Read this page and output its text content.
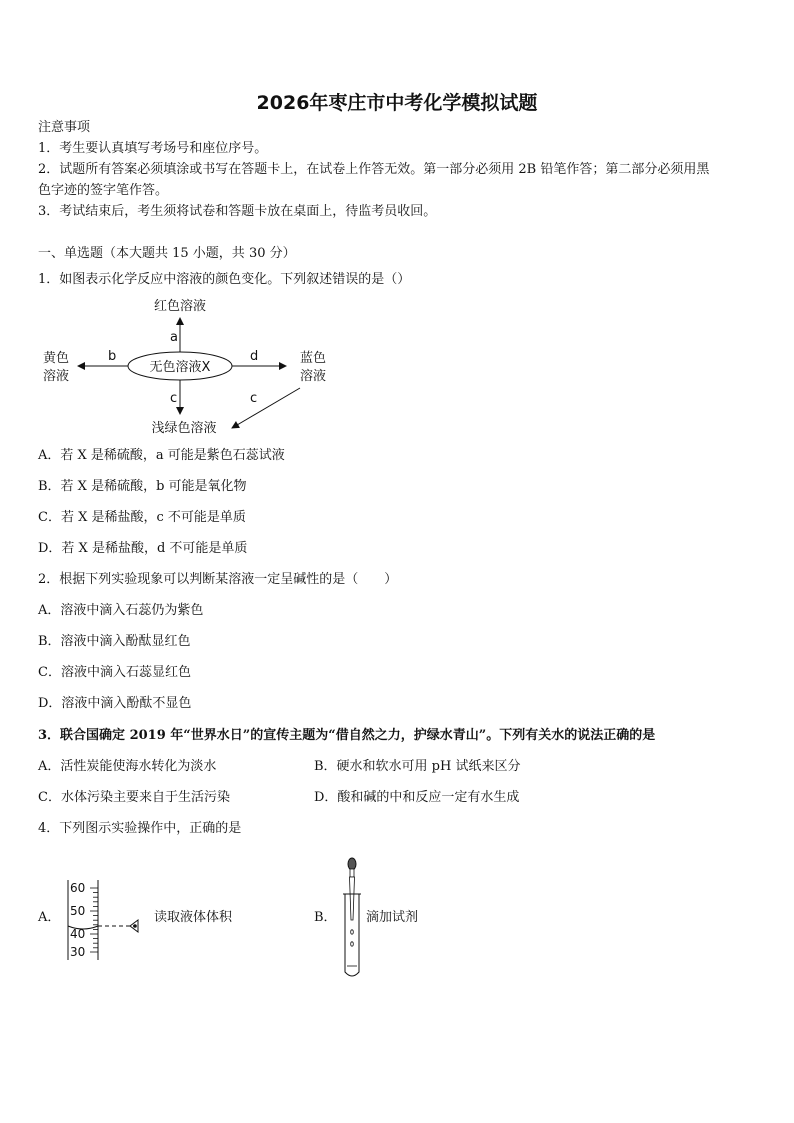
2026年枣庄市中考化学模拟试题
注意事项
1．考生要认真填写考场号和座位序号。
2．试题所有答案必须填涂或书写在答题卡上，在试卷上作答无效。第一部分必须用 2B 铅笔作答；第二部分必须用黑
色字迹的签字笔作答。
3．考试结束后，考生须将试卷和答题卡放在桌面上，待监考员收回。
一、单选题（本大题共 15 小题，共 30 分）
1．如图表示化学反应中溶液的颜色变化。下列叙述错误的是（）
无色溶液X
a
红色溶液
b
黄色
溶液
d	蓝色
溶液
c
浅绿色溶液
c
A．若 X 是稀硫酸，a 可能是紫色石蕊试液
B．若 X 是稀硫酸，b 可能是氧化物
C．若 X 是稀盐酸，c 不可能是单质
D．若 X 是稀盐酸，d 不可能是单质
2．根据下列实验现象可以判断某溶液一定呈碱性的是（　　）
A．溶液中滴入石蕊仍为紫色
B．溶液中滴入酚酞显红色
C．溶液中滴入石蕊显红色
D．溶液中滴入酚酞不显色
3．联合国确定 2019 年“世界水日”的宣传主题为“借自然之力，护绿水青山”。下列有关水的说法正确的是
A．活性炭能使海水转化为淡水	B．硬水和软水可用 pH 试纸来区分
C．水体污染主要来自于生活污染	D．酸和碱的中和反应一定有水生成
4．下列图示实验操作中，正确的是
A．
60
50
40
30
读取液体体积	B． 滴加试剂
